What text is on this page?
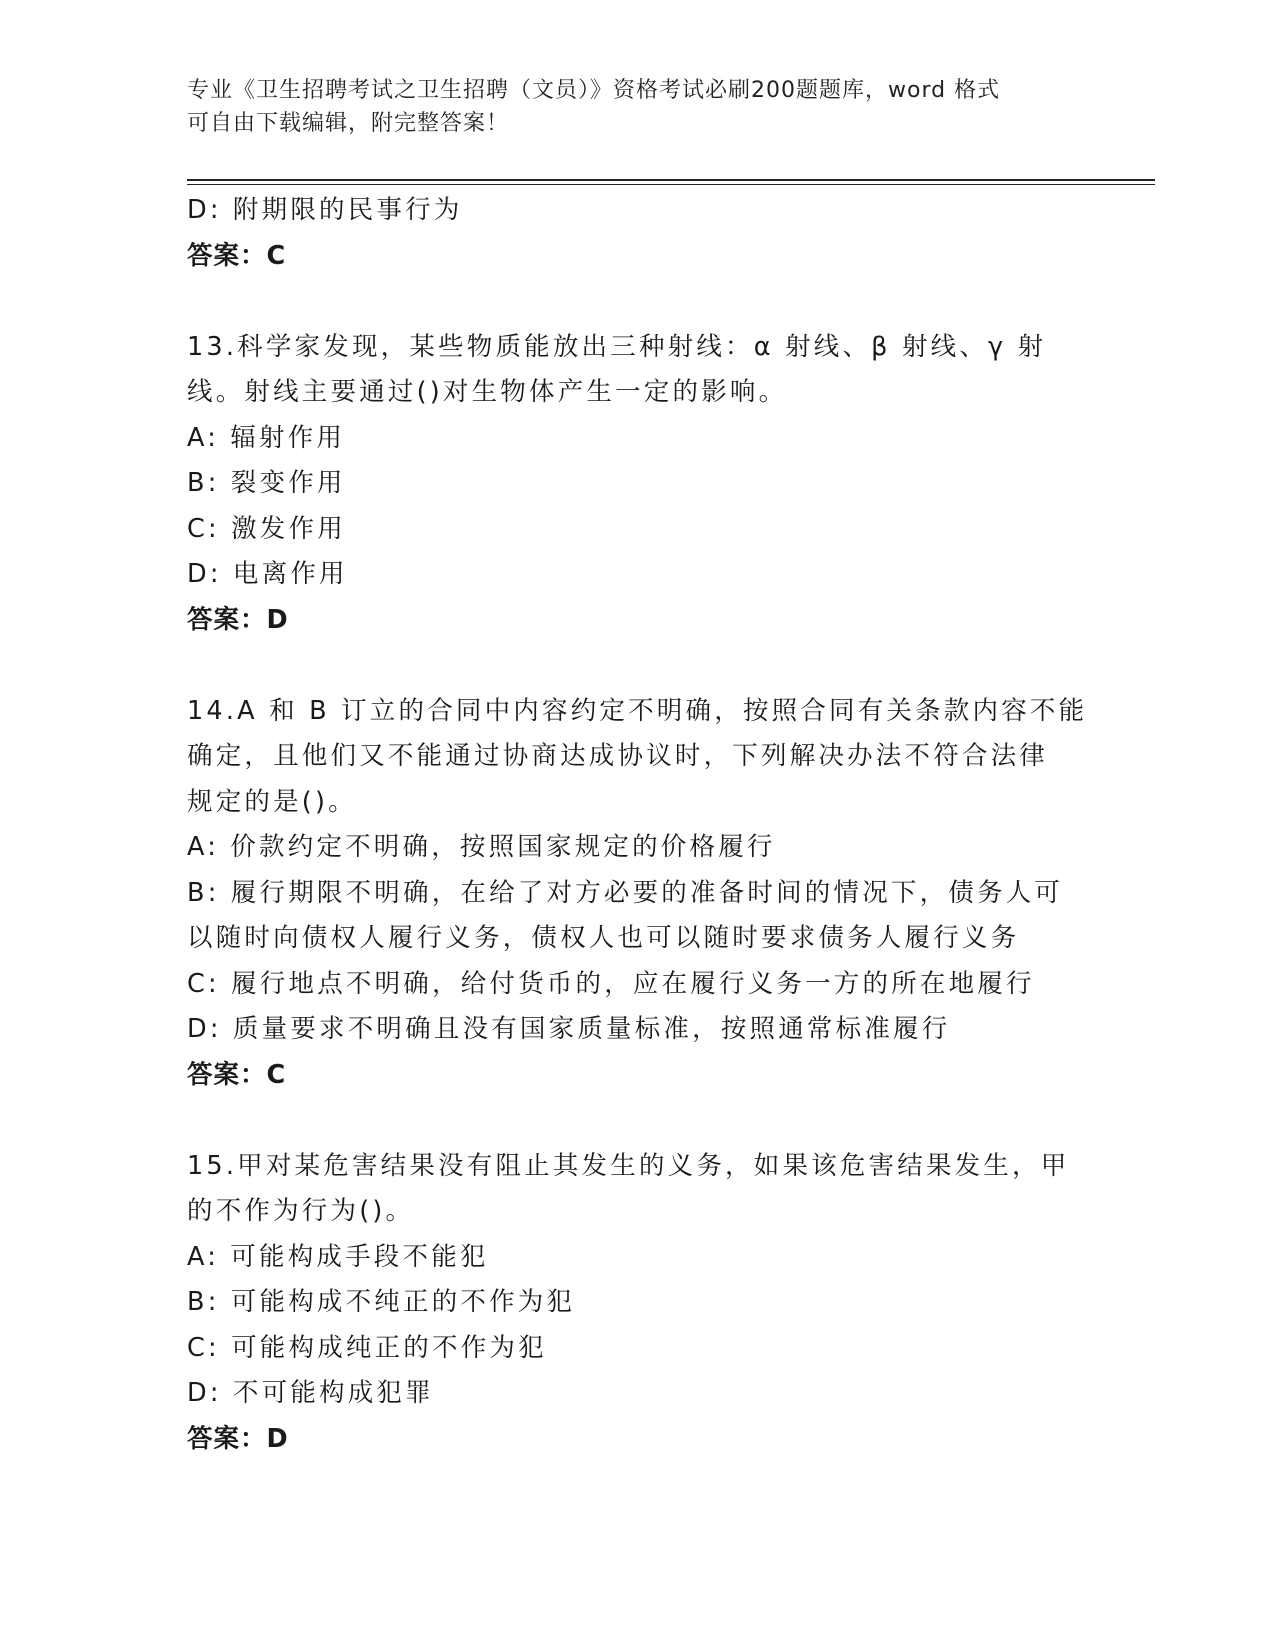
专业《卫生招聘考试之卫生招聘（文员）》资格考试必刷200题题库，word 格式
可自由下载编辑，附完整答案！
D: 附期限的民事行为
答案：C
13.科学家发现，某些物质能放出三种射线：α 射线、β 射线、γ 射
线。射线主要通过()对生物体产生一定的影响。
A: 辐射作用
B: 裂变作用
C: 激发作用
D: 电离作用
答案：D
14.A 和 B 订立的合同中内容约定不明确，按照合同有关条款内容不能
确定，且他们又不能通过协商达成协议时，下列解决办法不符合法律
规定的是()。
A: 价款约定不明确，按照国家规定的价格履行
B: 履行期限不明确，在给了对方必要的准备时间的情况下，债务人可
以随时向债权人履行义务，债权人也可以随时要求债务人履行义务
C: 履行地点不明确，给付货币的，应在履行义务一方的所在地履行
D: 质量要求不明确且没有国家质量标准，按照通常标准履行
答案：C
15.甲对某危害结果没有阻止其发生的义务，如果该危害结果发生，甲
的不作为行为()。
A: 可能构成手段不能犯
B: 可能构成不纯正的不作为犯
C: 可能构成纯正的不作为犯
D: 不可能构成犯罪
答案：D
